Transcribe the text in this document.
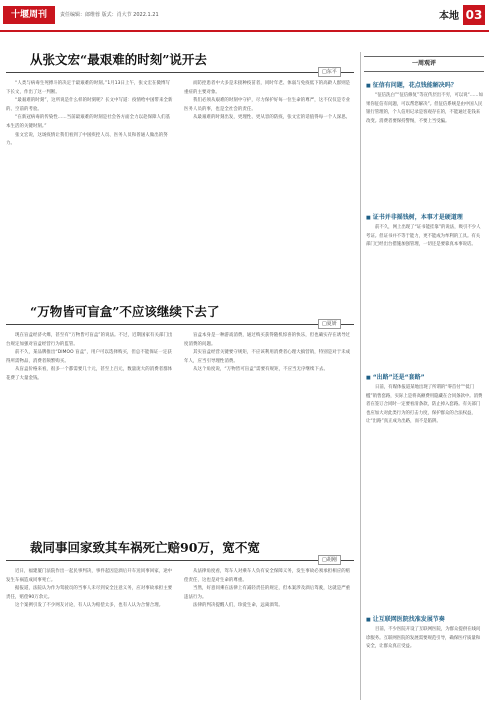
十堰周刊	责任编辑：郎维蓉 版式：肖大节 2022.1.21	本地 03
从张文宏“最艰难的时刻”说开去
□东平

“人类与病毒生死搏斗的决定于最艰难的时刻。”1月13日上午，张文宏在微博写下长文，作出了这一判断。

“最艰难的时刻”，这所说是什么样的时刻呢？长文中写道：疫情给中国带来全新的、空前的考验。

“在新冠病毒的传染性……当前最艰难的时刻是社会各方面全力以赴保障人们基本生活的关键时刻。”

张文宏说，这场疫情让我们看到了中国疾控人员、医务人员和普通人做出的努力。

而防控患者中大多是未接种疫苗者，同时年老、体弱与免疫低下的高龄人群则是重症的主要对象。

我们必须从艰难的时刻中守护，尽力保护好每一位生命的尊严，这不仅仅是专业医务人员的事，也是全社会的责任。

从最艰难的时刻出发，更理性、更从容的防疫，张文宏的话值得每一个人深思。

“万物皆可盲盒”不应该继续下去了
□夏妍

现在盲盒经济火爆，甚至有“万物皆可盲盒”的说法。不过，近期国家有关部门出台规定加强对盲盒经营行为的监管。

前不久，某品牌推出“DIMOO 盲盒”，用户可以选择购买，但总不能保证一定获得所需物品，消费者频繁购买。

从盲盒价格来看，很多一个都需要几十元，甚至上百元，数量庞大的消费者群体花费了大量金钱。

盲盒本身是一种游戏消费，通过购买获得随机惊喜的快乐，但也确实存在诱导过度消费的问题。

其实盲盒经营关键要守规矩，不应该利用消费者心理大搞营销，特别是对于未成年人，应当引导理性消费。

从这个角度说，“万物皆可盲盒”需要有规矩，不应当无序继续下去。

裁同事回家致其车祸死亡赔90万，宽不宽
□胡刚

近日，福建厦门法院作出一起民事判决，事件起因是酒后开车送同事回家，途中发生车祸造成同事死亡。

据报道，法院认为作为驾驶员的当事人未尽到安全注意义务，应对事故承担主要责任，赔偿90万余元。

这个案例引发了不少网友讨论，有人认为赔偿太多，也有人认为合情合理。

从法律角度看，驾车人对乘车人负有安全保障义务，发生事故必须承担相应的赔偿责任，这也是对生命的尊重。

当然，好意同乘在法律上有减轻责任的规定，但本案涉及酒后驾驶，这就是严重违法行为。

法律的判决提醒人们，珍爱生命，远离酒驾。

一周观评
■ 征信有问题，花点钱能解决吗？

“征信洗白”“征信修复”等宣传层出不穷，可以说“……如果你征信有问题，可以帮您解决”。但征信系统是由中国人民银行管理的，个人信用记录是客观存在的，不能通过花钱来改变。消费者要保持警惕，不要上当受骗。

■ 证书并非摇钱树，本事才是硬道理

前不久，网上出现了“证书能挂靠”的说法，吸引不少人考证。但证书并不等于能力，更不能成为牟利的工具。有关部门已经出台措施加强管理，一切还是要靠真本事说话。

■ “出路”还是“套路”

日前，有媒体报道某地出现了所谓的“零首付”“低门槛”销售套路，实际上是将高额费用隐藏在合同条款中。消费者在签订合同时一定要看清条款，防止掉入套路。有关部门也应加大对此类行为的打击力度，保护群众的合法权益，让“出路”真正成为出路，而不是陷阱。

■ 让互联网医院找准发展节奏

目前，不少医院开设了互联网医院，为群众提供在线问诊服务。互联网医院的发展需要规范引导，确保医疗质量和安全，让群众真正受益。
